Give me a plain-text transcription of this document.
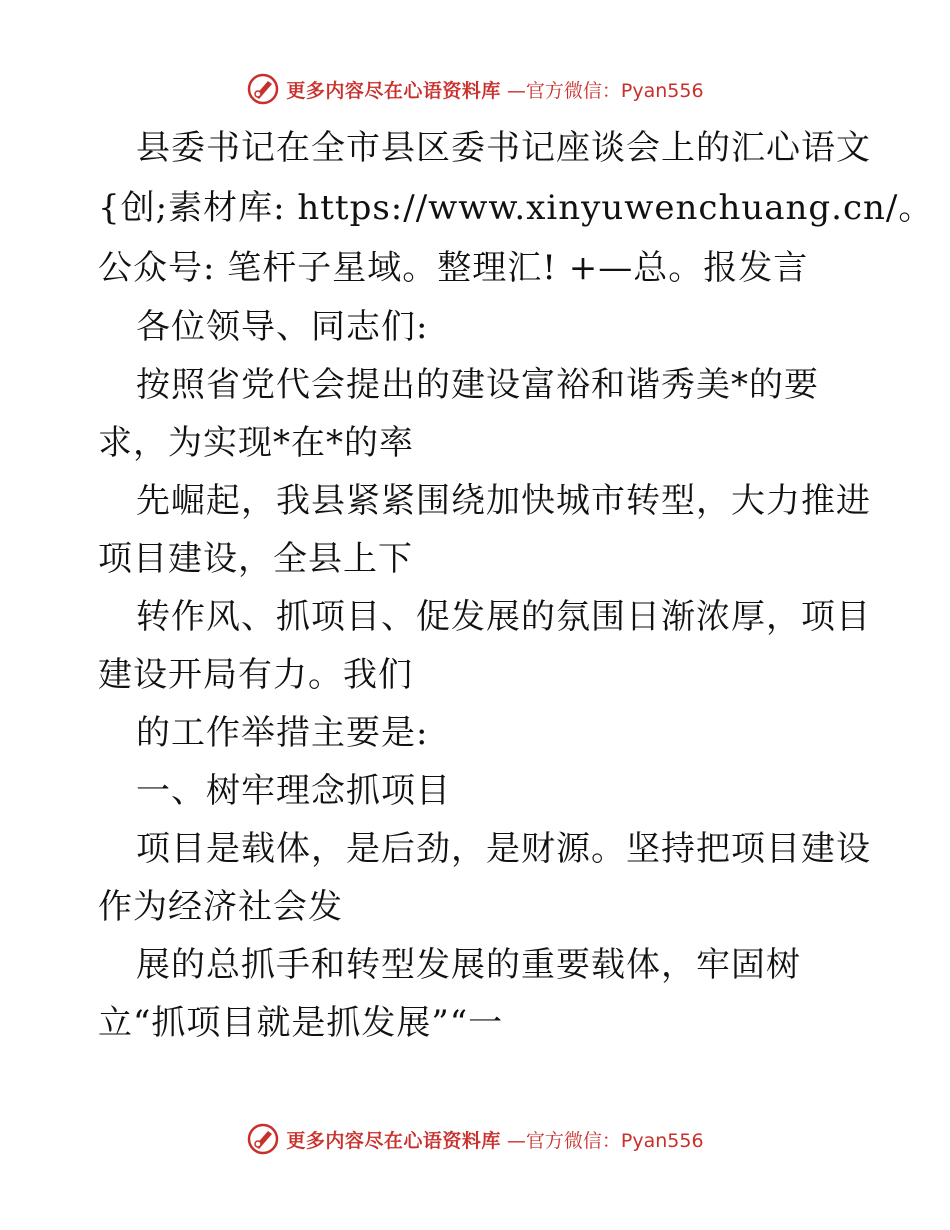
更多内容尽在心语资料库 —官方微信：Pyan556

县委书记在全市县区委书记座谈会上的汇心语文

{创;素材库: https://www.xinyuwenchuang.cn/。

公众号: 笔杆子星域。整理汇! +—总。报发言

各位领导、同志们:

按照省党代会提出的建设富裕和谐秀美*的要

求，为实现*在*的率

先崛起，我县紧紧围绕加快城市转型，大力推进

项目建设，全县上下

转作风、抓项目、促发展的氛围日渐浓厚，项目

建设开局有力。我们

的工作举措主要是:

一、树牢理念抓项目

项目是载体，是后劲，是财源。坚持把项目建设

作为经济社会发

展的总抓手和转型发展的重要载体，牢固树

立“抓项目就是抓发展”“一

更多内容尽在心语资料库 —官方微信：Pyan556
